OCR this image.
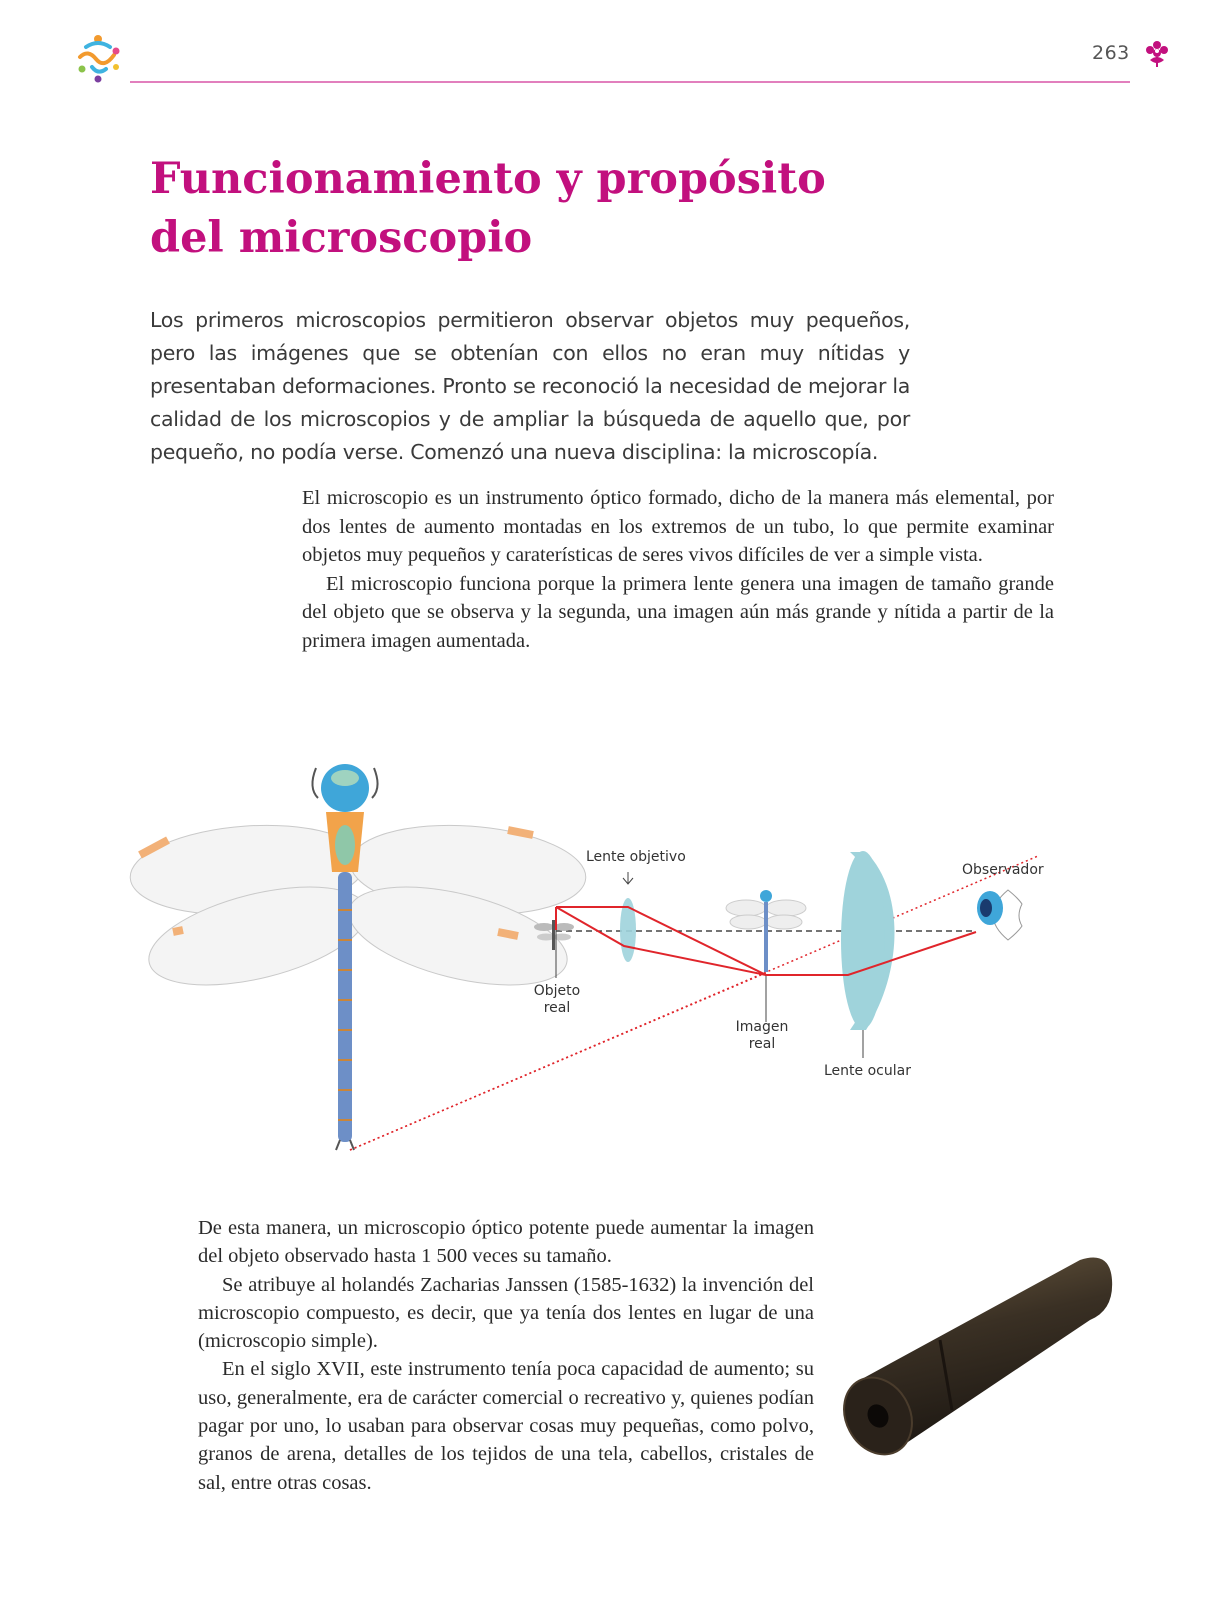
263
Funcionamiento y propósito
del microscopio

Los primeros microscopios permitieron observar objetos muy pequeños, pero las imágenes que se obtenían con ellos no eran muy nítidas y presentaban deformaciones. Pronto se reconoció la necesidad de mejorar la calidad de los microscopios y de ampliar la búsqueda de aquello que, por pequeño, no podía verse. Comenzó una nueva disciplina: la microscopía.

El microscopio es un instrumento óptico formado, dicho de la manera más elemental, por dos lentes de aumento montadas en los extremos de un tubo, lo que permite examinar objetos muy pequeños y caraterísticas de seres vivos difíciles de ver a simple vista.

El microscopio funciona porque la primera lente genera una imagen de tamaño grande del objeto que se observa y la segunda, una imagen aún más grande y nítida a partir de la primera imagen aumentada.

Lente objetivo
Observador
Objeto
real
Imagen
real
Lente ocular

De esta manera, un microscopio óptico potente puede aumentar la imagen del objeto observado hasta 1 500 veces su tamaño.

Se atribuye al holandés Zacharias Janssen (1585-1632) la invención del microscopio compuesto, es decir, que ya tenía dos lentes en lugar de una (microscopio simple).

En el siglo XVII, este instrumento tenía poca capacidad de aumento; su uso, generalmente, era de carácter comercial o recreativo y, quienes podían pagar por uno, lo usaban para observar cosas muy pequeñas, como polvo, granos de arena, detalles de los tejidos de una tela, cabellos, cristales de sal, entre otras cosas.
